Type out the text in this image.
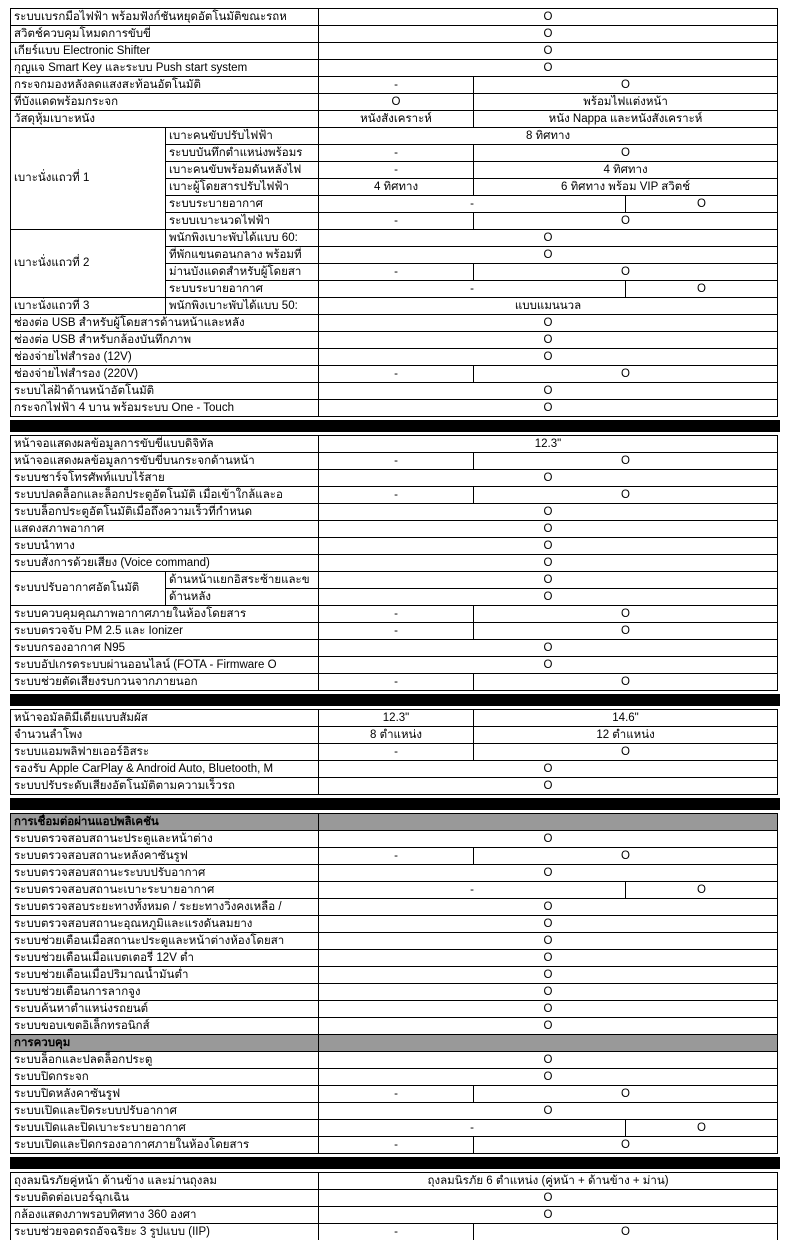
ระบบเบรกมือไฟฟ้า พร้อมฟังก์ชันหยุดอัตโนมัติขณะรถห		O		
สวิตช์ควบคุมโหมดการขับขี่		O		
เกียร์แบบ Electronic Shifter		O		
กุญแจ Smart Key และระบบ Push start system		O		
กระจกมองหลังลดแสงสะท้อนอัตโนมัติ		-	O	
ที่บังแดดพร้อมกระจก		O	พร้อมไฟแต่งหน้า	
วัสดุหุ้มเบาะหนัง		หนังสังเคราะห์	หนัง Nappa และหนังสังเคราะห์	
เบาะนั่งแถวที่ 1	เบาะคนขับปรับไฟฟ้า	8 ทิศทาง		
	ระบบบันทึกตำแหน่งพร้อมร	-	O	
	เบาะคนขับพร้อมดันหลังไฟ	-	4 ทิศทาง	
	เบาะผู้โดยสารปรับไฟฟ้า	4 ทิศทาง	6 ทิศทาง พร้อม VIP สวิตช์	
	ระบบระบายอากาศ	-		O
	ระบบเบาะนวดไฟฟ้า	-	O	
เบาะนั่งแถวที่ 2	พนักพิงเบาะพับได้แบบ 60:	O		
	ที่พักแขนตอนกลาง พร้อมที่	O		
	ม่านบังแดดสำหรับผู้โดยสา	-	O	
	ระบบระบายอากาศ	-		O
เบาะนั่งแถวที่ 3	พนักพิงเบาะพับได้แบบ 50:	แบบแมนนวล		
ช่องต่อ USB สำหรับผู้โดยสารด้านหน้าและหลัง		O		
ช่องต่อ USB สำหรับกล้องบันทึกภาพ		O		
ช่องจ่ายไฟสำรอง (12V)		O		
ช่องจ่ายไฟสำรอง (220V)		-	O	
ระบบไล่ฝ้าด้านหน้าอัตโนมัติ		O		
กระจกไฟฟ้า 4 บาน พร้อมระบบ One - Touch		O		
หน้าจอแสดงผลข้อมูลการขับขี่แบบดิจิทัล		12.3"	
หน้าจอแสดงผลข้อมูลการขับขี่บนกระจกด้านหน้า		-	O
ระบบชาร์จโทรศัพท์แบบไร้สาย		O	
ระบบปลดล็อกและล็อกประตูอัตโนมัติ เมื่อเข้าใกล้และอ		-	O
ระบบล็อกประตูอัตโนมัติเมื่อถึงความเร็วที่กำหนด		O	
แสดงสภาพอากาศ		O	
ระบบนำทาง		O	
ระบบสั่งการด้วยเสียง (Voice command)		O	
ระบบปรับอากาศอัตโนมัติ	ด้านหน้าแยกอิสระซ้ายและข	O	
	ด้านหลัง	O	
ระบบควบคุมคุณภาพอากาศภายในห้องโดยสาร		-	O
ระบบตรวจจับ PM 2.5 และ Ionizer		-	O
ระบบกรองอากาศ N95		O	
ระบบอัปเกรดระบบผ่านออนไลน์ (FOTA - Firmware O		O	
ระบบช่วยตัดเสียงรบกวนจากภายนอก		-	O
หน้าจอมัลติมีเดียแบบสัมผัส	12.3"	14.6"
จำนวนลำโพง	8 ตำแหน่ง	12 ตำแหน่ง
ระบบแอมพลิฟายเออร์อิสระ	-	O
รองรับ Apple CarPlay & Android Auto, Bluetooth, M	O	
ระบบปรับระดับเสียงอัตโนมัติตามความเร็วรถ	O	
การเชื่อมต่อผ่านแอปพลิเคชัน			
ระบบตรวจสอบสถานะประตูและหน้าต่าง	O		
ระบบตรวจสอบสถานะหลังคาซันรูฟ	-	O	
ระบบตรวจสอบสถานะระบบปรับอากาศ	O		
ระบบตรวจสอบสถานะเบาะระบายอากาศ	-		O
ระบบตรวจสอบระยะทางทั้งหมด / ระยะทางวิ่งคงเหลือ /	O		
ระบบตรวจสอบสถานะอุณหภูมิและแรงดันลมยาง	O		
ระบบช่วยเตือนเมื่อสถานะประตูและหน้าต่างห้องโดยสา	O		
ระบบช่วยเตือนเมื่อแบตเตอรี่ 12V ต่ำ	O		
ระบบช่วยเตือนเมื่อปริมาณน้ำมันต่ำ	O		
ระบบช่วยเตือนการลากจูง	O		
ระบบค้นหาตำแหน่งรถยนต์	O		
ระบบขอบเขตอิเล็กทรอนิกส์	O		
การควบคุม			
ระบบล็อกและปลดล็อกประตู	O		
ระบบปิดกระจก	O		
ระบบปิดหลังคาซันรูฟ	-	O	
ระบบเปิดและปิดระบบปรับอากาศ	O		
ระบบเปิดและปิดเบาะระบายอากาศ	-		O
ระบบเปิดและปิดกรองอากาศภายในห้องโดยสาร	-	O	
ถุงลมนิรภัยคู่หน้า ด้านข้าง และม่านถุงลม	ถุงลมนิรภัย 6 ตำแหน่ง (คู่หน้า + ด้านข้าง + ม่าน)	
ระบบติดต่อเบอร์ฉุกเฉิน	O	
กล้องแสดงภาพรอบทิศทาง 360 องศา	O	
ระบบช่วยจอดรถอัจฉริยะ 3 รูปแบบ (IIP)	-	O
